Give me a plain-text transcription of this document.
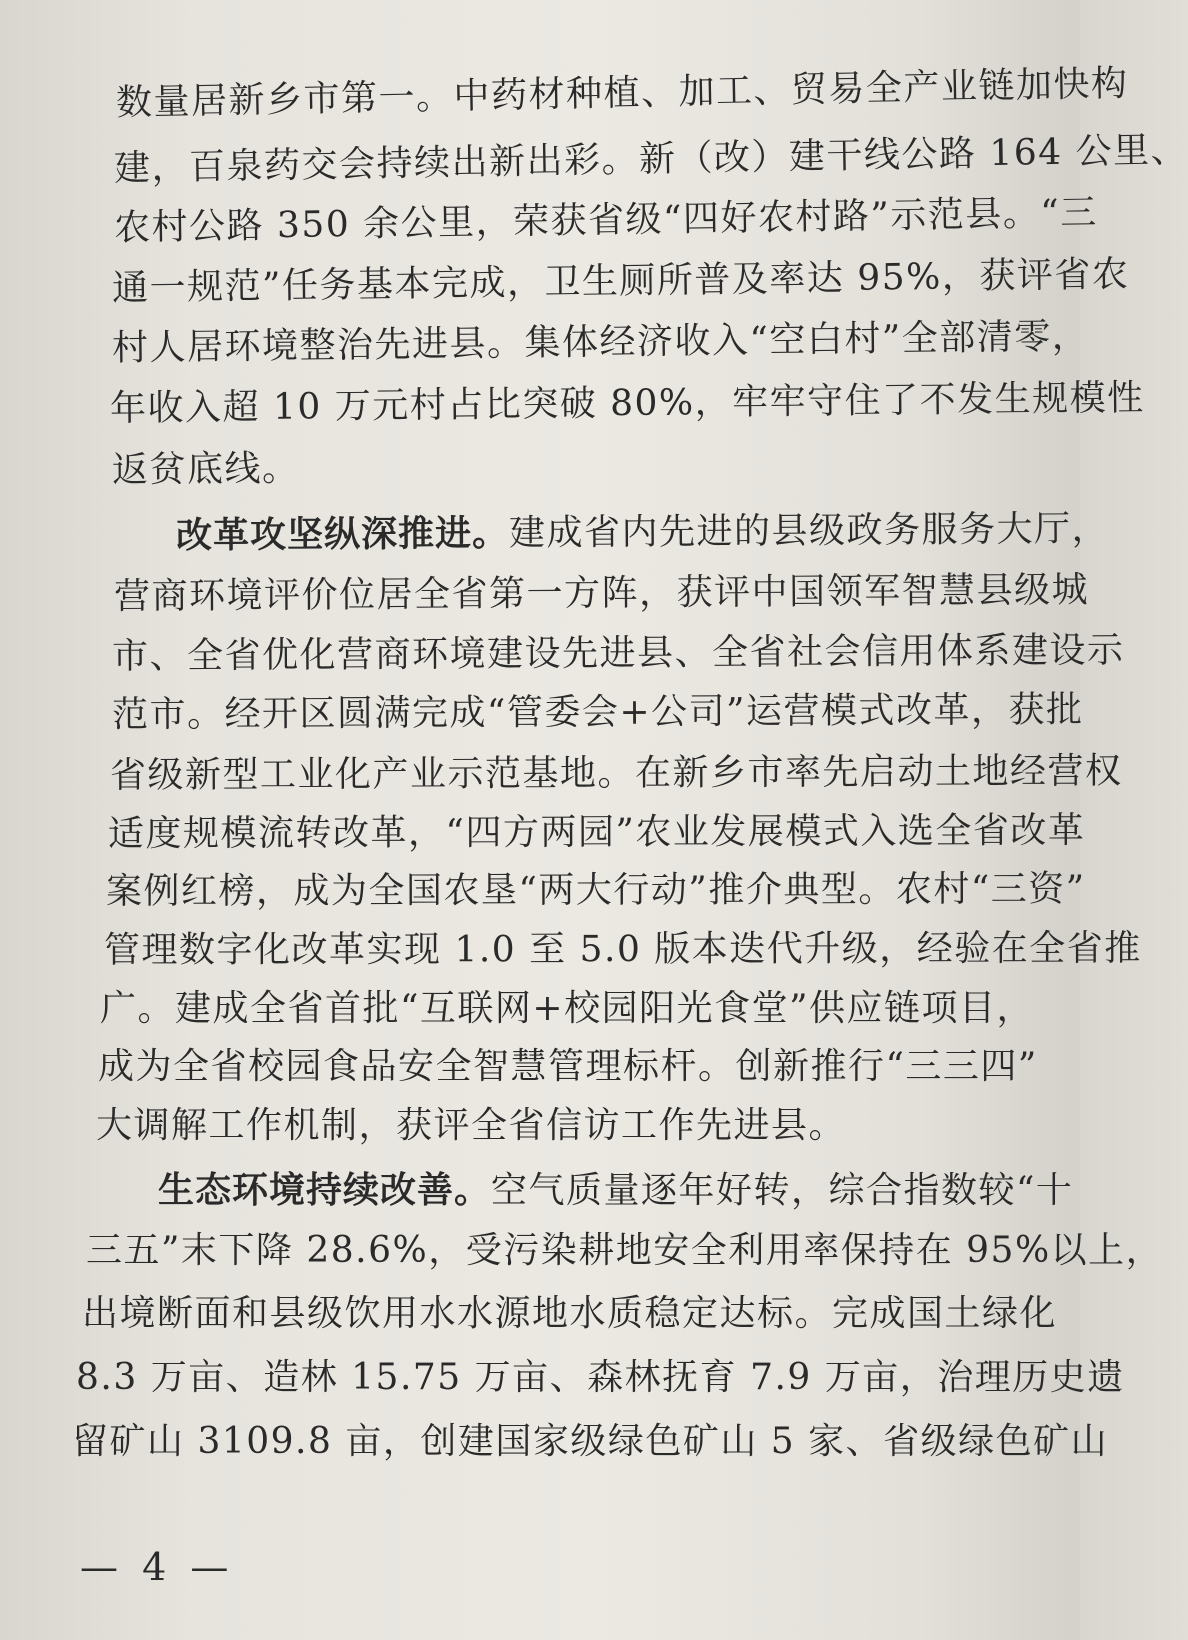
数量居新乡市第一。中药材种植、加工、贸易全产业链加快构
建，百泉药交会持续出新出彩。新（改）建干线公路 164 公里、
农村公路 350 余公里，荣获省级“四好农村路”示范县。“三
通一规范”任务基本完成，卫生厕所普及率达 95%，获评省农
村人居环境整治先进县。集体经济收入“空白村”全部清零，
年收入超 10 万元村占比突破 80%，牢牢守住了不发生规模性
返贫底线。
改革攻坚纵深推进。建成省内先进的县级政务服务大厅，
营商环境评价位居全省第一方阵，获评中国领军智慧县级城
市、全省优化营商环境建设先进县、全省社会信用体系建设示
范市。经开区圆满完成“管委会+公司”运营模式改革，获批
省级新型工业化产业示范基地。在新乡市率先启动土地经营权
适度规模流转改革，“四方两园”农业发展模式入选全省改革
案例红榜，成为全国农垦“两大行动”推介典型。农村“三资”
管理数字化改革实现 1.0 至 5.0 版本迭代升级，经验在全省推
广。建成全省首批“互联网+校园阳光食堂”供应链项目，
成为全省校园食品安全智慧管理标杆。创新推行“三三四”
大调解工作机制，获评全省信访工作先进县。
生态环境持续改善。空气质量逐年好转，综合指数较“十
三五”末下降 28.6%，受污染耕地安全利用率保持在 95%以上，
出境断面和县级饮用水水源地水质稳定达标。完成国土绿化
8.3 万亩、造林 15.75 万亩、森林抚育 7.9 万亩，治理历史遗
留矿山 3109.8 亩，创建国家级绿色矿山 5 家、省级绿色矿山
— 4 —
